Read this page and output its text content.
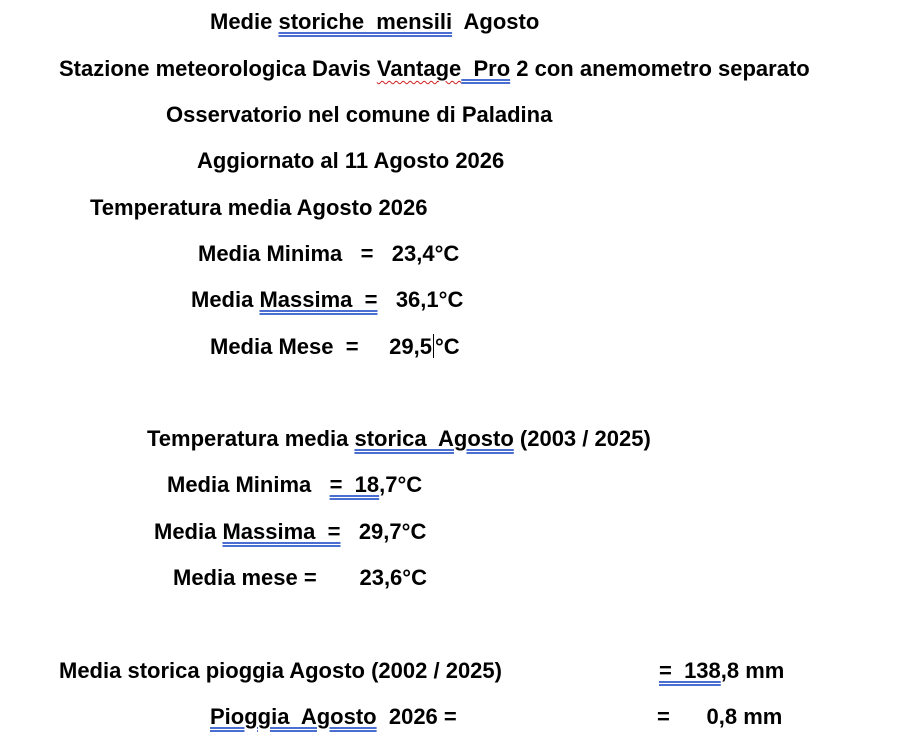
Medie storiche  mensili  Agosto
Stazione meteorologica Davis Vantage Pro 2 con anemometro separato
Osservatorio nel comune di Paladina
Aggiornato al 11 Agosto 2026
Temperatura media Agosto 2026
Media Minima   =   23,4°C
Media Massima  =   36,1°C
Media Mese  =     29,5 °C
Temperatura media storica  Agosto (2003 / 2025)
Media Minima   =  18,7°C
Media Massima  =   29,7°C
Media mese =       23,6°C
Media storica pioggia Agosto (2002 / 2025)	=  138,8 mm
Pioggia  Agosto  2026 =	=      0,8 mm
